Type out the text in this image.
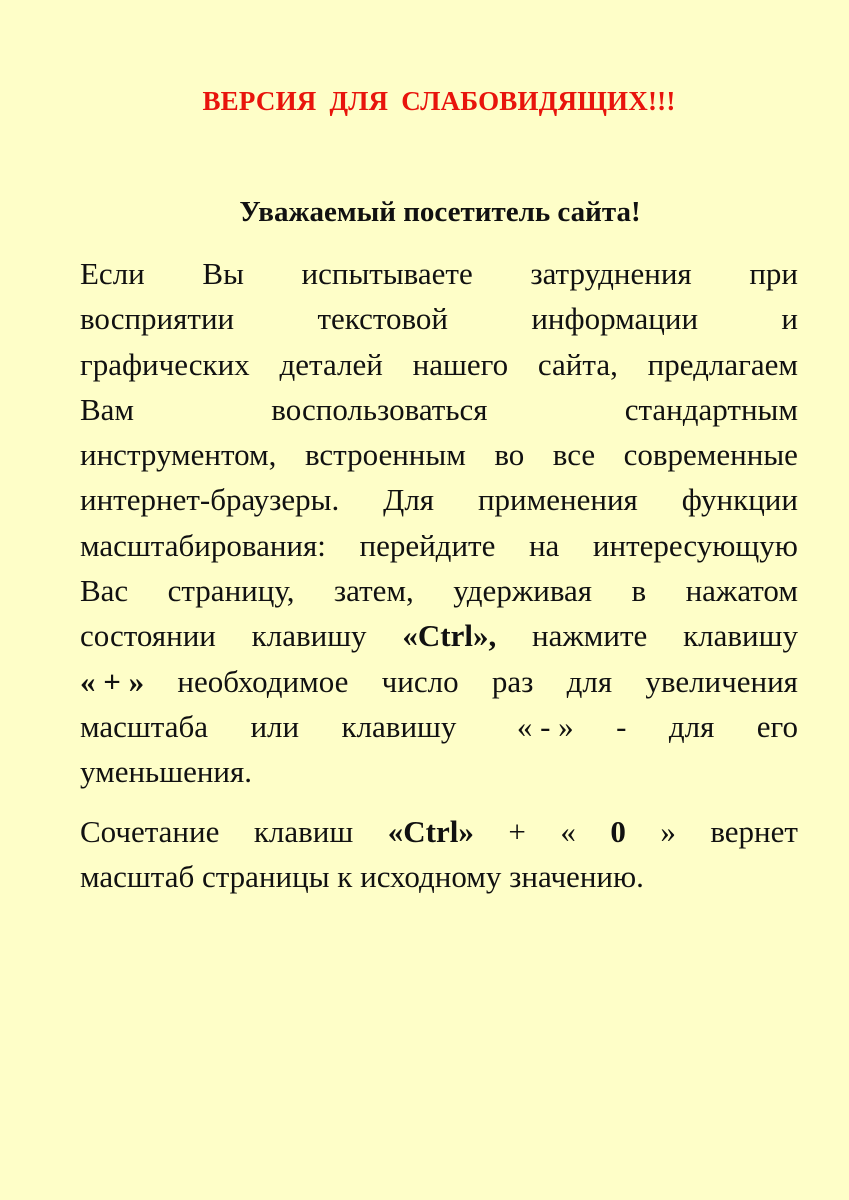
ВЕРСИЯ ДЛЯ СЛАБОВИДЯЩИХ!!!
Уважаемый посетитель сайта!
Если Вы испытываете затруднения при
восприятии	текстовой	информации	и
графических деталей нашего сайта, предлагаем
Вам	воспользоваться	стандартным
инструментом, встроенным во все современные
интернет-браузеры. Для применения функции
масштабирования: перейдите на интересующую
Вас страницу, затем, удерживая в нажатом
состоянии клавишу «Ctrl», нажмите клавишу
« + » необходимое число раз для увеличения
масштаба или клавишу « - » - для его
уменьшения.
Сочетание клавиш «Ctrl» + « 0 » вернет
масштаб страницы к исходному значению.
